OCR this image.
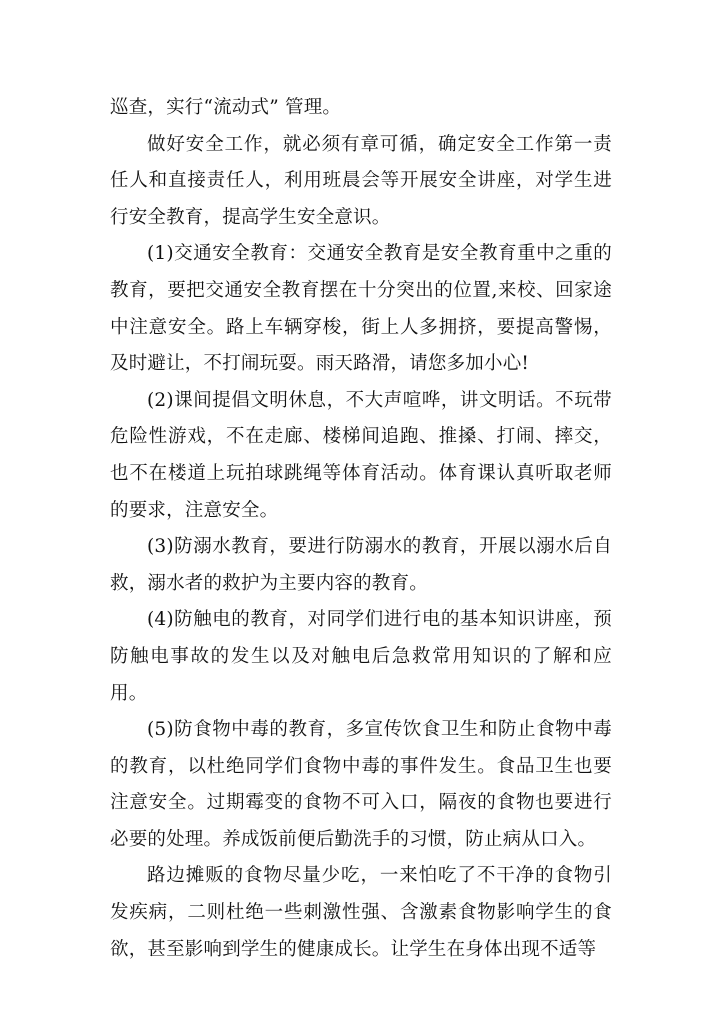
巡查，实行“流动式” 管理。

做好安全工作，就必须有章可循，确定安全工作第一责任人和直接责任人，利用班晨会等开展安全讲座，对学生进行安全教育，提高学生安全意识。

(1)交通安全教育：交通安全教育是安全教育重中之重的教育，要把交通安全教育摆在十分突出的位置,来校、回家途中注意安全。路上车辆穿梭，街上人多拥挤，要提高警惕，及时避让，不打闹玩耍。雨天路滑，请您多加小心!

(2)课间提倡文明休息，不大声喧哗，讲文明话。不玩带危险性游戏，不在走廊、楼梯间追跑、推搡、打闹、摔交，也不在楼道上玩拍球跳绳等体育活动。体育课认真听取老师的要求，注意安全。

(3)防溺水教育，要进行防溺水的教育，开展以溺水后自救，溺水者的救护为主要内容的教育。

(4)防触电的教育，对同学们进行电的基本知识讲座，预防触电事故的发生以及对触电后急救常用知识的了解和应用。

(5)防食物中毒的教育，多宣传饮食卫生和防止食物中毒的教育，以杜绝同学们食物中毒的事件发生。食品卫生也要注意安全。过期霉变的食物不可入口，隔夜的食物也要进行必要的处理。养成饭前便后勤洗手的习惯，防止病从口入。

路边摊贩的食物尽量少吃，一来怕吃了不干净的食物引发疾病，二则杜绝一些刺激性强、含激素食物影响学生的食欲，甚至影响到学生的健康成长。让学生在身体出现不适等
